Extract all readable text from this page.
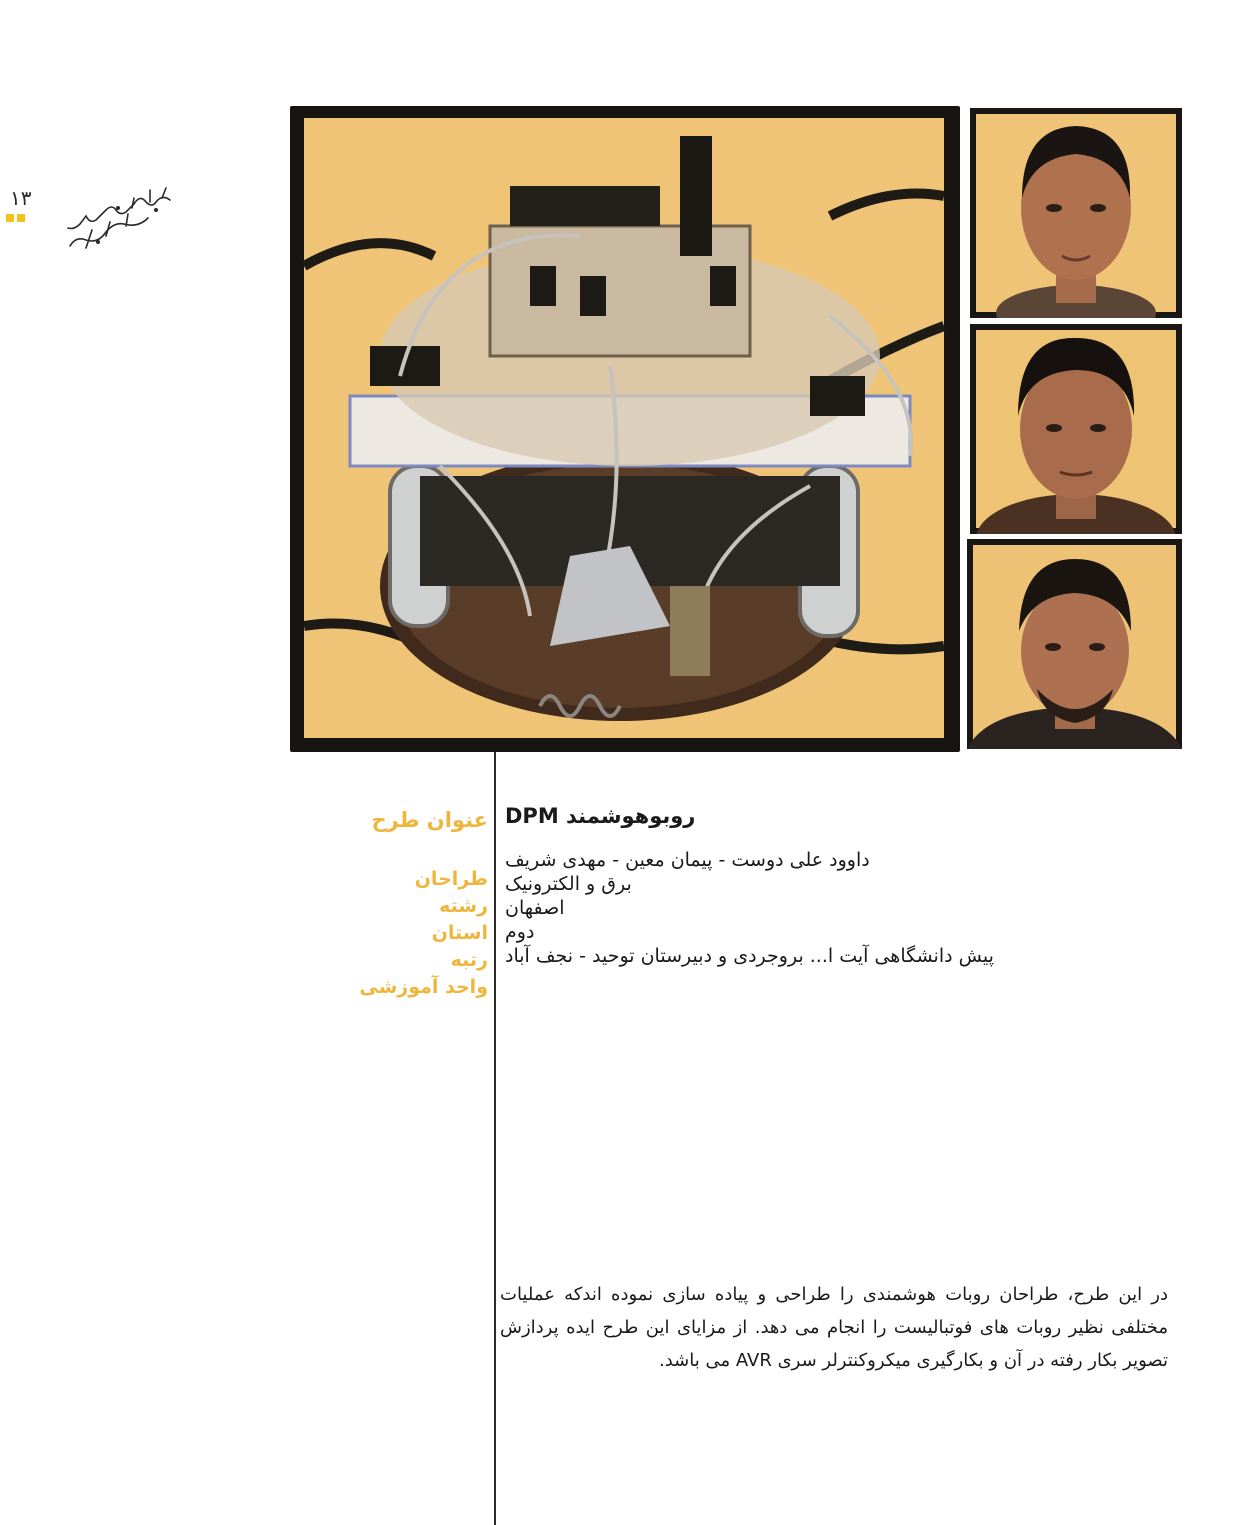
۱۳
عنوان طرح
طراحان
رشته
استان
رتبه
واحد آموزشی
روبوهوشمند DPM
داوود علی دوست - پیمان معین - مهدی شریف
برق و الکترونیک
اصفهان
دوم
پیش دانشگاهی آیت ا... بروجردی و دبیرستان توحید - نجف آباد
در این طرح، طراحان روبات هوشمندی را طراحی و پیاده سازی نموده اندکه عملیات مختلفی نظیر روبات های فوتبالیست را انجام می دهد. از مزایای این طرح ایده پردازش تصویر بکار رفته در آن و بکارگیری میکروکنترلر سری AVR می باشد.
